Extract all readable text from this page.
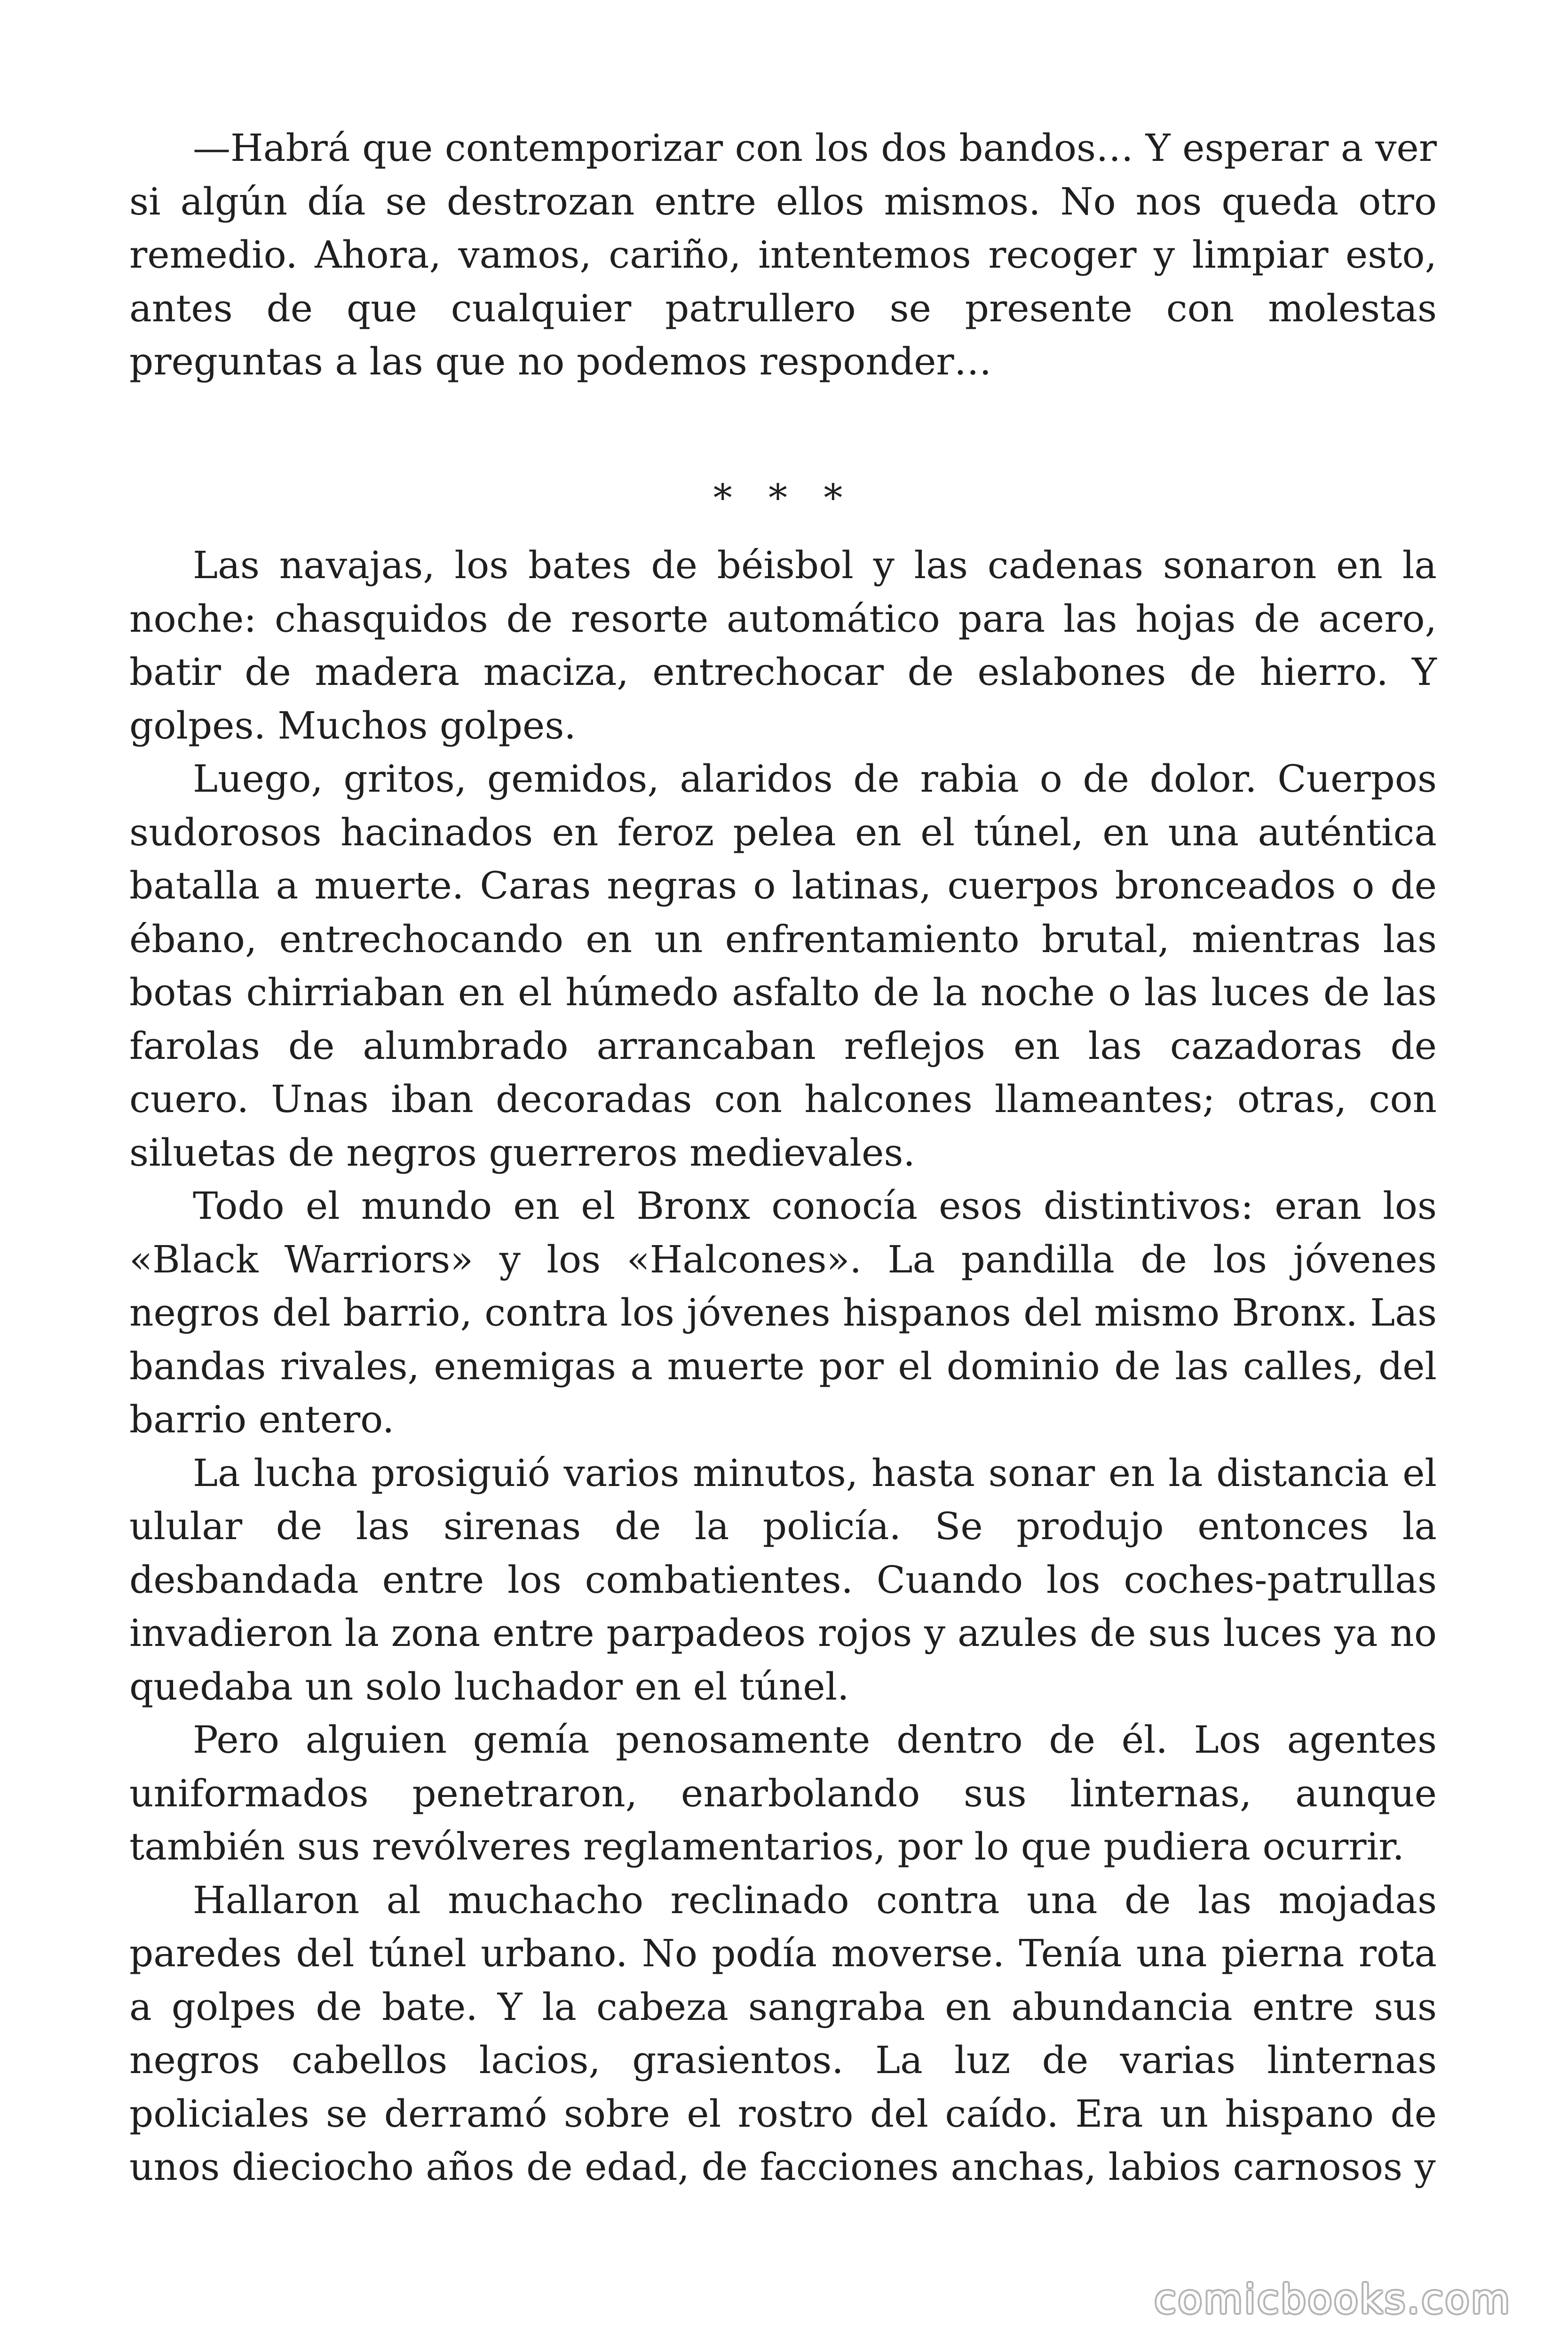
—Habrá que contemporizar con los dos bandos… Y esperar a ver si algún día se destrozan entre ellos mismos. No nos queda otro remedio. Ahora, vamos, cariño, intentemos recoger y limpiar esto, antes de que cualquier patrullero se presente con molestas preguntas a las que no podemos responder…

* * *

Las navajas, los bates de béisbol y las cadenas sonaron en la noche: chasquidos de resorte automático para las hojas de acero, batir de madera maciza, entrechocar de eslabones de hierro. Y golpes. Muchos golpes.

Luego, gritos, gemidos, alaridos de rabia o de dolor. Cuerpos sudorosos hacinados en feroz pelea en el túnel, en una auténtica batalla a muerte. Caras negras o latinas, cuerpos bronceados o de ébano, entrechocando en un enfrentamiento brutal, mientras las botas chirriaban en el húmedo asfalto de la noche o las luces de las farolas de alumbrado arrancaban reflejos en las cazadoras de cuero. Unas iban decoradas con halcones llameantes; otras, con siluetas de negros guerreros medievales.

Todo el mundo en el Bronx conocía esos distintivos: eran los «Black Warriors» y los «Halcones». La pandilla de los jóvenes negros del barrio, contra los jóvenes hispanos del mismo Bronx. Las bandas rivales, enemigas a muerte por el dominio de las calles, del barrio entero.

La lucha prosiguió varios minutos, hasta sonar en la distancia el ulular de las sirenas de la policía. Se produjo entonces la desbandada entre los combatientes. Cuando los coches-patrullas invadieron la zona entre parpadeos rojos y azules de sus luces ya no quedaba un solo luchador en el túnel.

Pero alguien gemía penosamente dentro de él. Los agentes uniformados penetraron, enarbolando sus linternas, aunque también sus revólveres reglamentarios, por lo que pudiera ocurrir.

Hallaron al muchacho reclinado contra una de las mojadas paredes del túnel urbano. No podía moverse. Tenía una pierna rota a golpes de bate. Y la cabeza sangraba en abundancia entre sus negros cabellos lacios, grasientos. La luz de varias linternas policiales se derramó sobre el rostro del caído. Era un hispano de unos dieciocho años de edad, de facciones anchas, labios carnosos y

comicbooks.com
